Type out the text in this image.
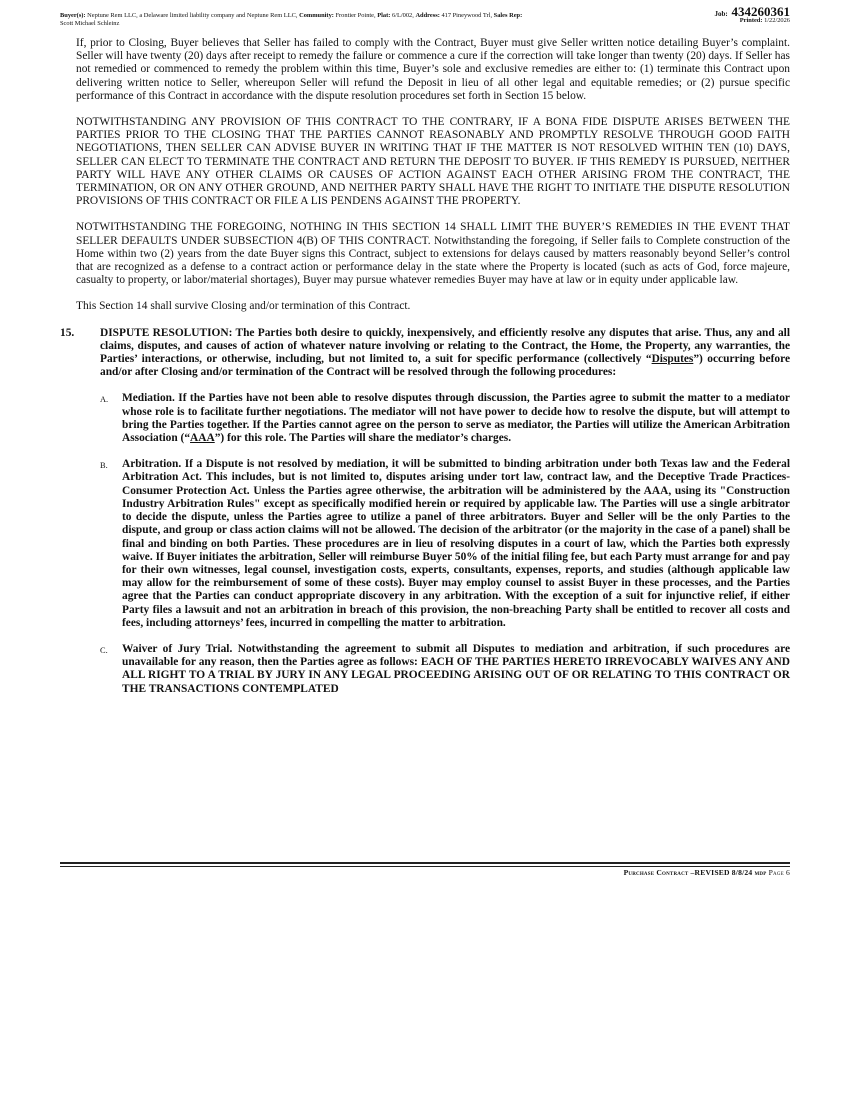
Buyer(s): Neptune Rem LLC, a Delaware limited liability company and Neptune Rem LLC, Community: Frontier Pointe, Plat: 6/L/002, Address: 417 Pineywood Trl, Sales Rep:
Scott Michael Schleinz
Job: 434260361
Printed: 1/22/2026

If, prior to Closing, Buyer believes that Seller has failed to comply with the Contract, Buyer must give Seller written notice detailing Buyer’s complaint. Seller will have twenty (20) days after receipt to remedy the failure or commence a cure if the correction will take longer than twenty (20) days. If Seller has not remedied or commenced to remedy the problem within this time, Buyer’s sole and exclusive remedies are either to: (1) terminate this Contract upon delivering written notice to Seller, whereupon Seller will refund the Deposit in lieu of all other legal and equitable remedies; or (2) pursue specific performance of this Contract in accordance with the dispute resolution procedures set forth in Section 15 below.

NOTWITHSTANDING ANY PROVISION OF THIS CONTRACT TO THE CONTRARY, IF A BONA FIDE DISPUTE ARISES BETWEEN THE PARTIES PRIOR TO THE CLOSING THAT THE PARTIES CANNOT REASONABLY AND PROMPTLY RESOLVE THROUGH GOOD FAITH NEGOTIATIONS, THEN SELLER CAN ADVISE BUYER IN WRITING THAT IF THE MATTER IS NOT RESOLVED WITHIN TEN (10) DAYS, SELLER CAN ELECT TO TERMINATE THE CONTRACT AND RETURN THE DEPOSIT TO BUYER. IF THIS REMEDY IS PURSUED, NEITHER PARTY WILL HAVE ANY OTHER CLAIMS OR CAUSES OF ACTION AGAINST EACH OTHER ARISING FROM THE CONTRACT, THE TERMINATION, OR ON ANY OTHER GROUND, AND NEITHER PARTY SHALL HAVE THE RIGHT TO INITIATE THE DISPUTE RESOLUTION PROVISIONS OF THIS CONTRACT OR FILE A LIS PENDENS AGAINST THE PROPERTY.

NOTWITHSTANDING THE FOREGOING, NOTHING IN THIS SECTION 14 SHALL LIMIT THE BUYER’S REMEDIES IN THE EVENT THAT SELLER DEFAULTS UNDER SUBSECTION 4(B) OF THIS CONTRACT. Notwithstanding the foregoing, if Seller fails to Complete construction of the Home within two (2) years from the date Buyer signs this Contract, subject to extensions for delays caused by matters reasonably beyond Seller’s control that are recognized as a defense to a contract action or performance delay in the state where the Property is located (such as acts of God, force majeure, casualty to property, or labor/material shortages), Buyer may pursue whatever remedies Buyer may have at law or in equity under applicable law.

This Section 14 shall survive Closing and/or termination of this Contract.

15.	DISPUTE RESOLUTION: The Parties both desire to quickly, inexpensively, and efficiently resolve any disputes that arise. Thus, any and all claims, disputes, and causes of action of whatever nature involving or relating to the Contract, the Home, the Property, any warranties, the Parties’ interactions, or otherwise, including, but not limited to, a suit for specific performance (collectively “Disputes”) occurring before and/or after Closing and/or termination of the Contract will be resolved through the following procedures:
A.	Mediation. If the Parties have not been able to resolve disputes through discussion, the Parties agree to submit the matter to a mediator whose role is to facilitate further negotiations. The mediator will not have power to decide how to resolve the dispute, but will attempt to bring the Parties together. If the Parties cannot agree on the person to serve as mediator, the Parties will utilize the American Arbitration Association (“AAA”) for this role. The Parties will share the mediator’s charges.
B.	Arbitration. If a Dispute is not resolved by mediation, it will be submitted to binding arbitration under both Texas law and the Federal Arbitration Act. This includes, but is not limited to, disputes arising under tort law, contract law, and the Deceptive Trade Practices-Consumer Protection Act. Unless the Parties agree otherwise, the arbitration will be administered by the AAA, using its "Construction Industry Arbitration Rules" except as specifically modified herein or required by applicable law. The Parties will use a single arbitrator to decide the dispute, unless the Parties agree to utilize a panel of three arbitrators. Buyer and Seller will be the only Parties to the dispute, and group or class action claims will not be allowed. The decision of the arbitrator (or the majority in the case of a panel) shall be final and binding on both Parties. These procedures are in lieu of resolving disputes in a court of law, which the Parties both expressly waive. If Buyer initiates the arbitration, Seller will reimburse Buyer 50% of the initial filing fee, but each Party must arrange for and pay for their own witnesses, legal counsel, investigation costs, experts, consultants, expenses, reports, and studies (although applicable law may allow for the reimbursement of some of these costs). Buyer may employ counsel to assist Buyer in these processes, and the Parties agree that the Parties can conduct appropriate discovery in any arbitration. With the exception of a suit for injunctive relief, if either Party files a lawsuit and not an arbitration in breach of this provision, the non-breaching Party shall be entitled to recover all costs and fees, including attorneys’ fees, incurred in compelling the matter to arbitration.
C.	Waiver of Jury Trial. Notwithstanding the agreement to submit all Disputes to mediation and arbitration, if such procedures are unavailable for any reason, then the Parties agree as follows: EACH OF THE PARTIES HERETO IRREVOCABLY WAIVES ANY AND ALL RIGHT TO A TRIAL BY JURY IN ANY LEGAL PROCEEDING ARISING OUT OF OR RELATING TO THIS CONTRACT OR THE TRANSACTIONS CONTEMPLATED
Purchase Contract –REVISED 8/8/24 mdp Page 6
